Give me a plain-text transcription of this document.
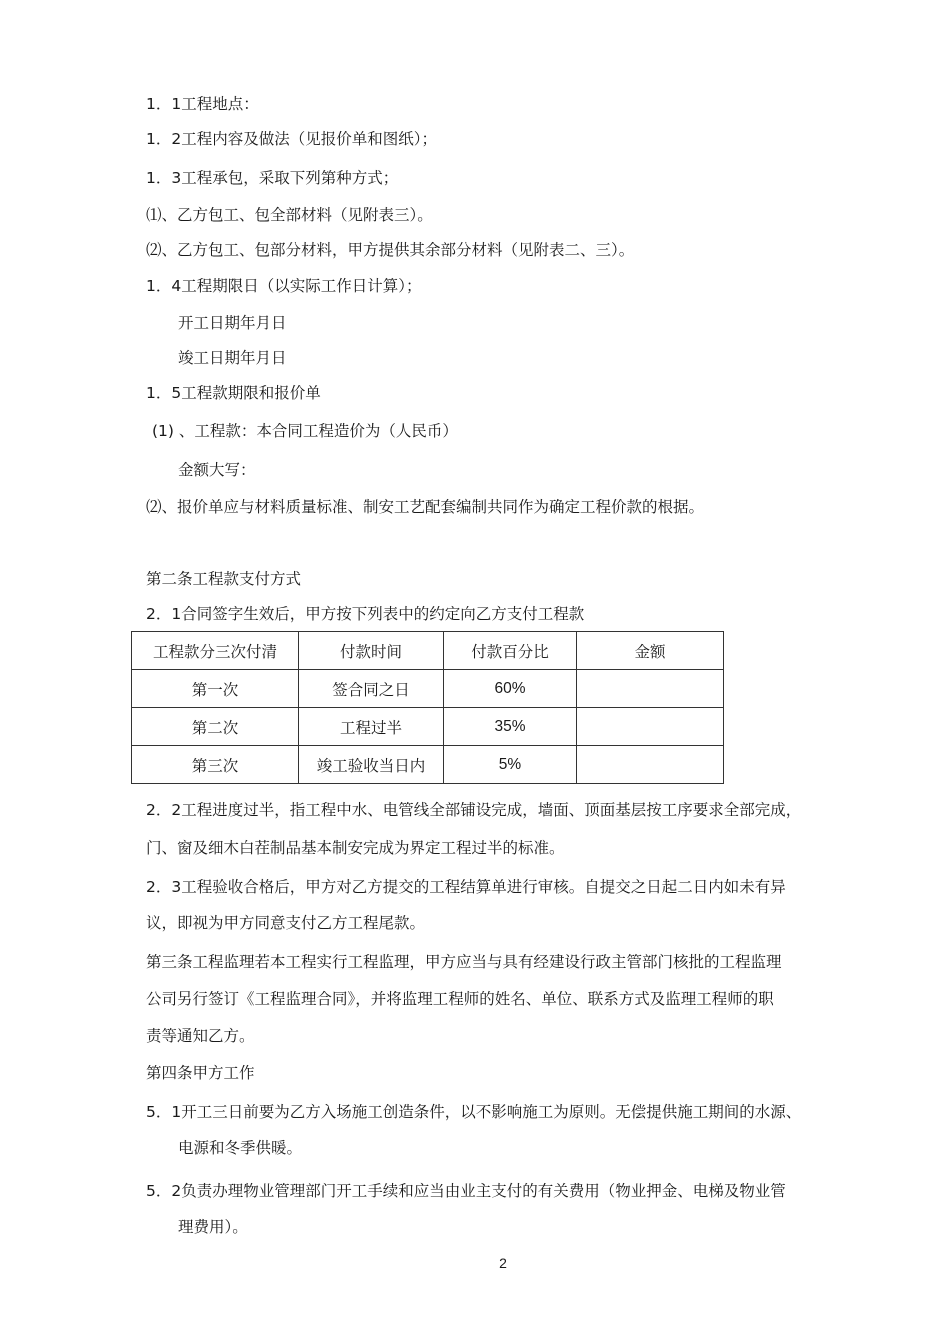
1．1工程地点：
1．2工程内容及做法（见报价单和图纸）；
1．3工程承包，采取下列第种方式；
⑴、乙方包工、包全部材料（见附表三）。
⑵、乙方包工、包部分材料，甲方提供其余部分材料（见附表二、三）。
1．4工程期限日（以实际工作日计算）；
开工日期年月日
竣工日期年月日
1．5工程款期限和报价单
(1) 、工程款：本合同工程造价为（人民币）
金额大写：
⑵、报价单应与材料质量标准、制安工艺配套编制共同作为确定工程价款的根据。
第二条工程款支付方式
2．1合同签字生效后，甲方按下列表中的约定向乙方支付工程款
工程款分三次付清	付款时间	付款百分比	金额
第一次	签合同之日	60%	
第二次	工程过半	35%	
第三次	竣工验收当日内	5%	
2．2工程进度过半，指工程中水、电管线全部铺设完成，墙面、顶面基层按工序要求全部完成，
门、窗及细木白茬制品基本制安完成为界定工程过半的标准。
2．3工程验收合格后，甲方对乙方提交的工程结算单进行审核。自提交之日起二日内如未有异
议，即视为甲方同意支付乙方工程尾款。
第三条工程监理若本工程实行工程监理，甲方应当与具有经建设行政主管部门核批的工程监理
公司另行签订《工程监理合同》，并将监理工程师的姓名、单位、联系方式及监理工程师的职
责等通知乙方。
第四条甲方工作
5．1开工三日前要为乙方入场施工创造条件，以不影响施工为原则。无偿提供施工期间的水源、
电源和冬季供暖。
5．2负责办理物业管理部门开工手续和应当由业主支付的有关费用（物业押金、电梯及物业管
理费用）。
2
